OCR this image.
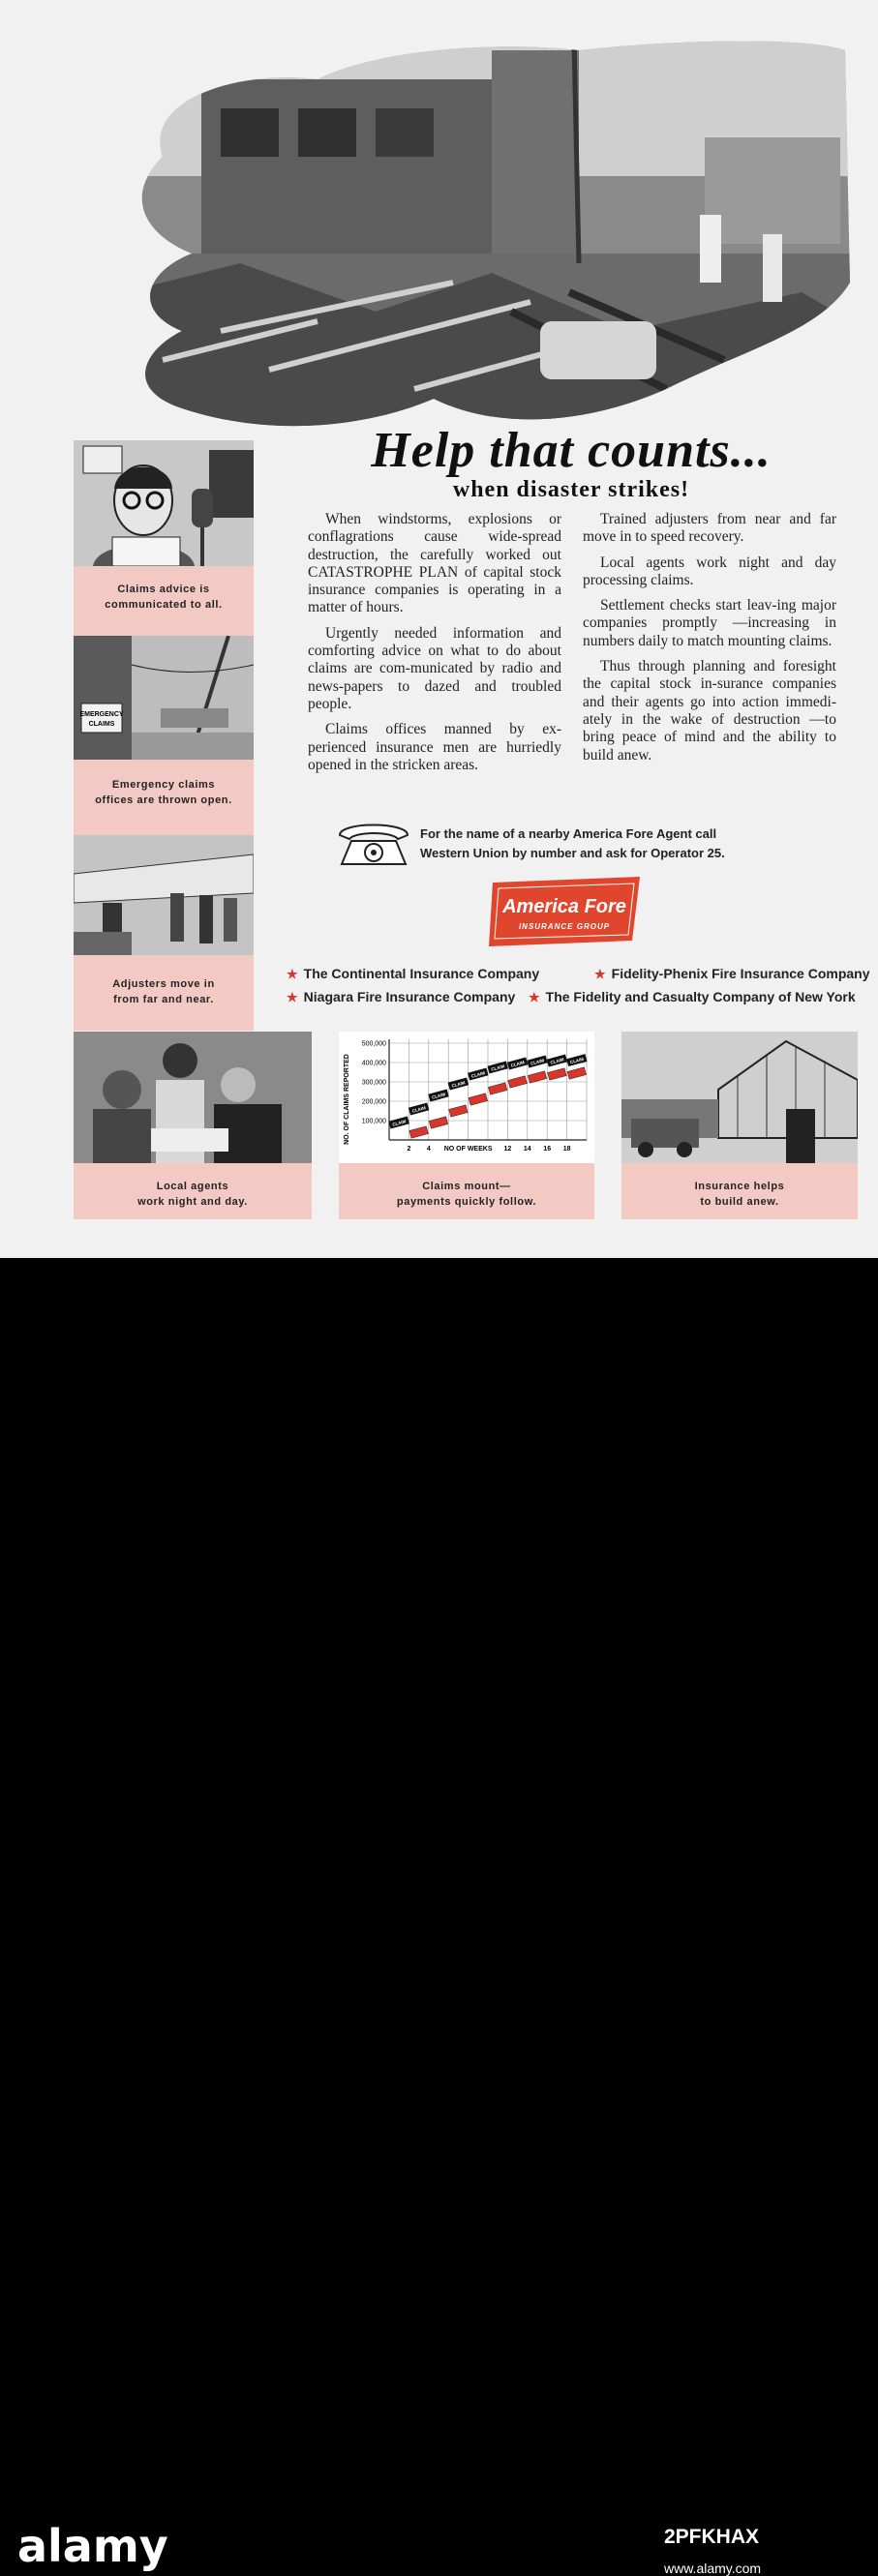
Help that counts...
when disaster strikes!

When windstorms, explosions or conflagrations cause wide-spread destruction, the carefully worked out CATASTROPHE PLAN of capital stock insurance companies is operating in a matter of hours.

Urgently needed information and comforting advice on what to do about claims are com-municated by radio and news-papers to dazed and troubled people.

Claims offices manned by ex-perienced insurance men are hurriedly opened in the stricken areas.

Trained adjusters from near and far move in to speed recovery.

Local agents work night and day processing claims.

Settlement checks start leav-ing major companies promptly —increasing in numbers daily to match mounting claims.

Thus through planning and foresight the capital stock in-surance companies and their agents go into action immedi-ately in the wake of destruction —to bring peace of mind and the ability to build anew.

Claims advice is
communicated to all.
EMERGENCY
CLAIMS
Emergency claims
offices are thrown open.
Adjusters move in
from far and near.
Local agents
work night and day.
NO. OF CLAIMS REPORTED 100,000
200,000
300,000
400,000
500,000
2 4	12 14 16 18
NO OF WEEKS
CLAIM
CLAIM
CLAIM
CLAIM
CLAIM
CLAIM CLAIM CLAIM CLAIM CLAIM
Claims mount—
payments quickly follow.
Insurance helps
to build anew.
For the name of a nearby America Fore Agent call
Western Union by number and ask for Operator 25.
America Fore
INSURANCE GROUP
★ The Continental Insurance Company	★ Fidelity-Phenix Fire Insurance Company
★ Niagara Fire Insurance Company ★ The Fidelity and Casualty Company of New York
alamy	2PFKHAX
www.alamy.com
